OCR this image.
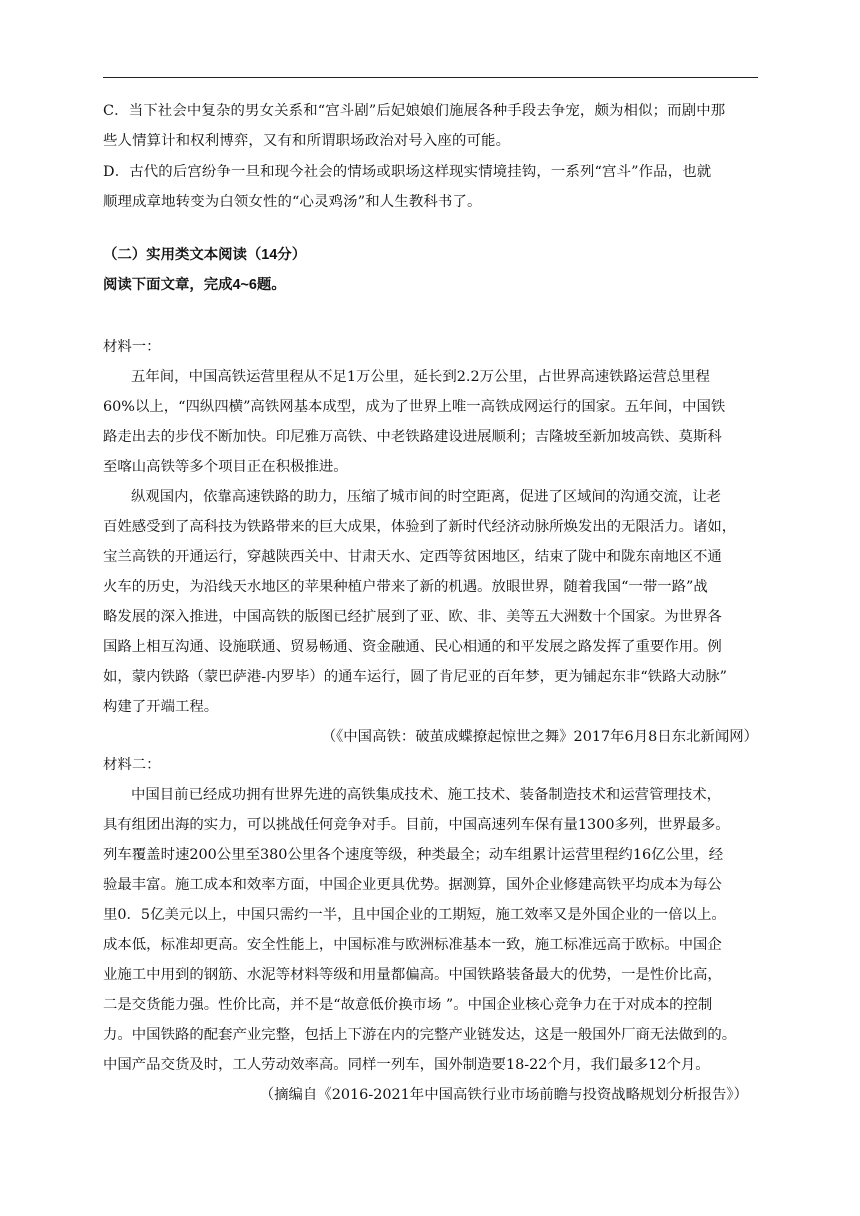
C．当下社会中复杂的男女关系和“宫斗剧”后妃娘娘们施展各种手段去争宠，颇为相似；而剧中那
些人情算计和权利博弈，又有和所谓职场政治对号入座的可能。
D．古代的后宫纷争一旦和现今社会的情场或职场这样现实情境挂钩，一系列“宫斗”作品，也就
顺理成章地转变为白领女性的“心灵鸡汤”和人生教科书了。
（二）实用类文本阅读（14分）
阅读下面文章，完成4~6题。
材料一：
五年间，中国高铁运营里程从不足1万公里，延长到2.2万公里，占世界高速铁路运营总里程
60%以上，“四纵四横”高铁网基本成型，成为了世界上唯一高铁成网运行的国家。五年间，中国铁
路走出去的步伐不断加快。印尼雅万高铁、中老铁路建设进展顺利；吉隆坡至新加坡高铁、莫斯科
至喀山高铁等多个项目正在积极推进。
纵观国内，依靠高速铁路的助力，压缩了城市间的时空距离，促进了区域间的沟通交流，让老
百姓感受到了高科技为铁路带来的巨大成果，体验到了新时代经济动脉所焕发出的无限活力。诸如，
宝兰高铁的开通运行，穿越陕西关中、甘肃天水、定西等贫困地区，结束了陇中和陇东南地区不通
火车的历史，为沿线天水地区的苹果种植户带来了新的机遇。放眼世界，随着我国“一带一路”战
略发展的深入推进，中国高铁的版图已经扩展到了亚、欧、非、美等五大洲数十个国家。为世界各
国路上相互沟通、设施联通、贸易畅通、资金融通、民心相通的和平发展之路发挥了重要作用。例
如，蒙内铁路（蒙巴萨港-内罗毕）的通车运行，圆了肯尼亚的百年梦，更为铺起东非“铁路大动脉”
构建了开端工程。
（《中国高铁：破茧成蝶撩起惊世之舞》2017年6月8日东北新闻网）
材料二：
中国目前已经成功拥有世界先进的高铁集成技术、施工技术、装备制造技术和运营管理技术，
具有组团出海的实力，可以挑战任何竞争对手。目前，中国高速列车保有量1300多列，世界最多。
列车覆盖时速200公里至380公里各个速度等级，种类最全；动车组累计运营里程约16亿公里，经
验最丰富。施工成本和效率方面，中国企业更具优势。据测算，国外企业修建高铁平均成本为每公
里0．5亿美元以上，中国只需约一半，且中国企业的工期短，施工效率又是外国企业的一倍以上。
成本低，标准却更高。安全性能上，中国标准与欧洲标准基本一致，施工标准远高于欧标。中国企
业施工中用到的钢筋、水泥等材料等级和用量都偏高。中国铁路装备最大的优势，一是性价比高，
二是交货能力强。性价比高，并不是“故意低价换市场 ”。中国企业核心竞争力在于对成本的控制
力。中国铁路的配套产业完整，包括上下游在内的完整产业链发达，这是一般国外厂商无法做到的。
中国产品交货及时，工人劳动效率高。同样一列车，国外制造要18-22个月，我们最多12个月。
（摘编自《2016-2021年中国高铁行业市场前瞻与投资战略规划分析报告》）
